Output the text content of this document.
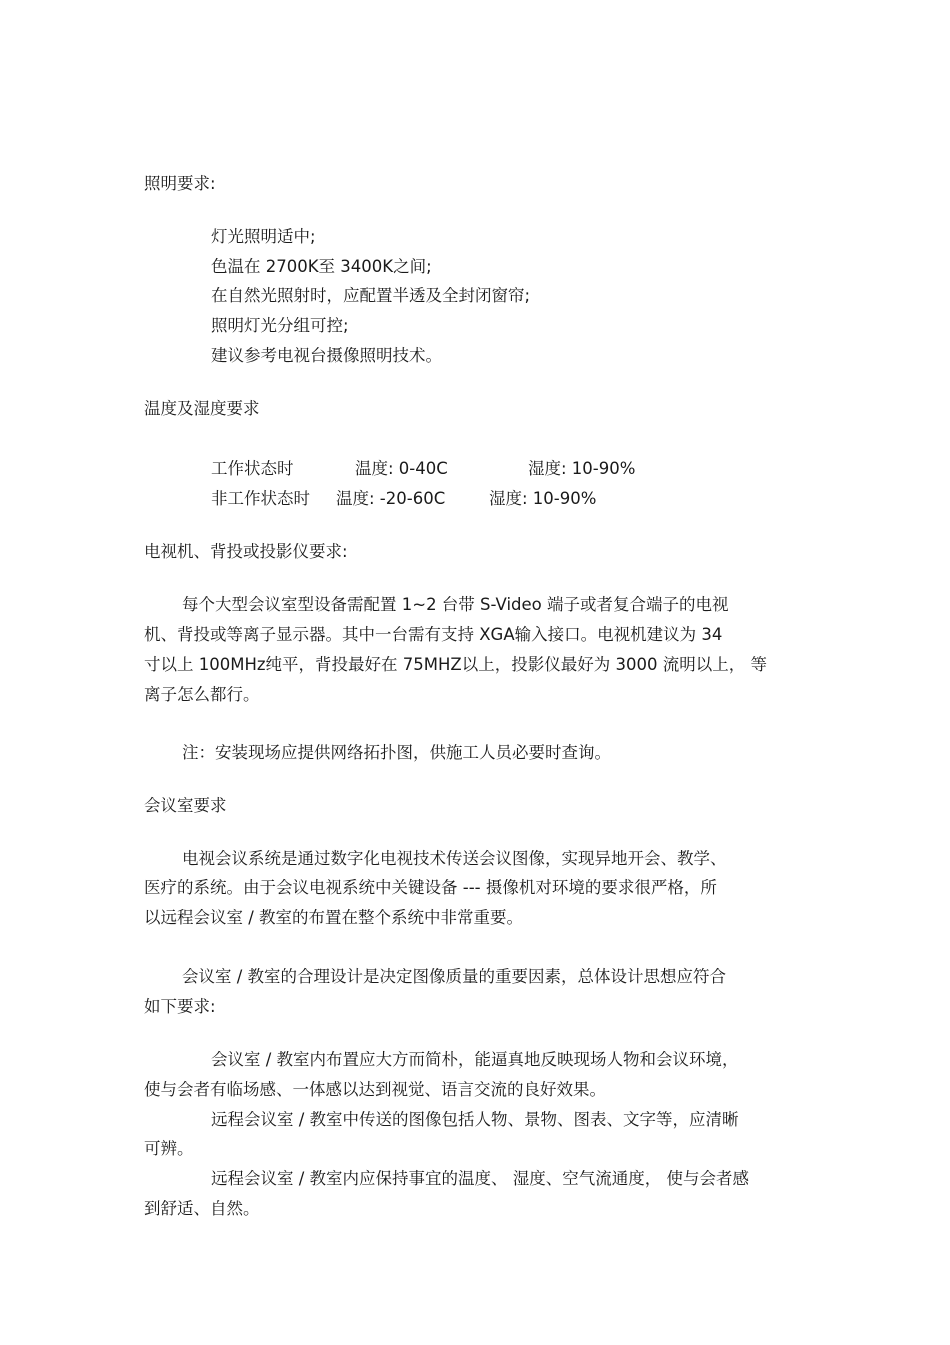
照明要求:
灯光照明适中;
色温在 2700K至 3400K之间;
在自然光照射时，应配置半透及全封闭窗帘;
照明灯光分组可控;
建议参考电视台摄像照明技术。
温度及湿度要求
工作状态时	温度: 0-40C	湿度: 10-90%
非工作状态时 温度: -20-60C	湿度: 10-90%
电视机、背投或投影仪要求:
每个大型会议室型设备需配置 1~2 台带 S-Video 端子或者复合端子的电视
机、背投或等离子显示器。其中一台需有支持 XGA输入接口。电视机建议为 34
寸以上 100MHz纯平，背投最好在 75MHZ以上，投影仪最好为 3000 流明以上， 等
离子怎么都行。
注：安装现场应提供网络拓扑图，供施工人员必要时查询。
会议室要求
电视会议系统是通过数字化电视技术传送会议图像，实现异地开会、教学、
医疗的系统。由于会议电视系统中关键设备 --- 摄像机对环境的要求很严格，所
以远程会议室 / 教室的布置在整个系统中非常重要。
会议室 / 教室的合理设计是决定图像质量的重要因素，总体设计思想应符合
如下要求:
会议室 / 教室内布置应大方而简朴，能逼真地反映现场人物和会议环境，
使与会者有临场感、一体感以达到视觉、语言交流的良好效果。
远程会议室 / 教室中传送的图像包括人物、景物、图表、文字等，应清晰
可辨。
远程会议室 / 教室内应保持事宜的温度、 湿度、空气流通度， 使与会者感
到舒适、自然。
